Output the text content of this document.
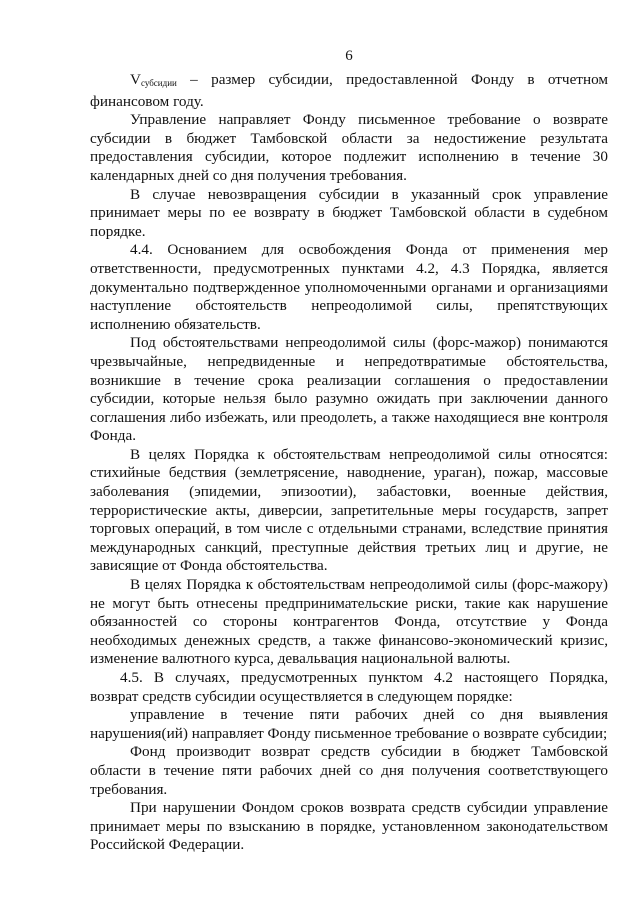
6

$V_{субсидии}$ – размер субсидии, предоставленной Фонду в отчетном финансовом году.

Управление направляет Фонду письменное требование о возврате субсидии в бюджет Тамбовской области за недостижение результата предоставления субсидии, которое подлежит исполнению в течение 30 календарных дней со дня получения требования.

В случае невозвращения субсидии в указанный срок управление принимает меры по ее возврату в бюджет Тамбовской области в судебном порядке.

4.4. Основанием для освобождения Фонда от применения мер ответственности, предусмотренных пунктами 4.2, 4.3 Порядка, является документально подтвержденное уполномоченными органами и организациями наступление обстоятельств непреодолимой силы, препятствующих исполнению обязательств.

Под обстоятельствами непреодолимой силы (форс-мажор) понимаются чрезвычайные, непредвиденные и непредотвратимые обстоятельства, возникшие в течение срока реализации соглашения о предоставлении субсидии, которые нельзя было разумно ожидать при заключении данного соглашения либо избежать, или преодолеть, а также находящиеся вне контроля Фонда.

В целях Порядка к обстоятельствам непреодолимой силы относятся: стихийные бедствия (землетрясение, наводнение, ураган), пожар, массовые заболевания (эпидемии, эпизоотии), забастовки, военные действия, террористические акты, диверсии, запретительные меры государств, запрет торговых операций, в том числе с отдельными странами, вследствие принятия международных санкций, преступные действия третьих лиц и другие, не зависящие от Фонда обстоятельства.

В целях Порядка к обстоятельствам непреодолимой силы (форс-мажору) не могут быть отнесены предпринимательские риски, такие как нарушение обязанностей со стороны контрагентов Фонда, отсутствие у Фонда необходимых денежных средств, а также финансово-экономический кризис, изменение валютного курса, девальвация национальной валюты.

4.5. В случаях, предусмотренных пунктом 4.2 настоящего Порядка, возврат средств субсидии осуществляется в следующем порядке:

управление в течение пяти рабочих дней со дня выявления нарушения(ий) направляет Фонду письменное требование о возврате субсидии;

Фонд производит возврат средств субсидии в бюджет Тамбовской области в течение пяти рабочих дней со дня получения соответствующего требования.

При нарушении Фондом сроков возврата средств субсидии управление принимает меры по взысканию в порядке, установленном законодательством Российской Федерации.
